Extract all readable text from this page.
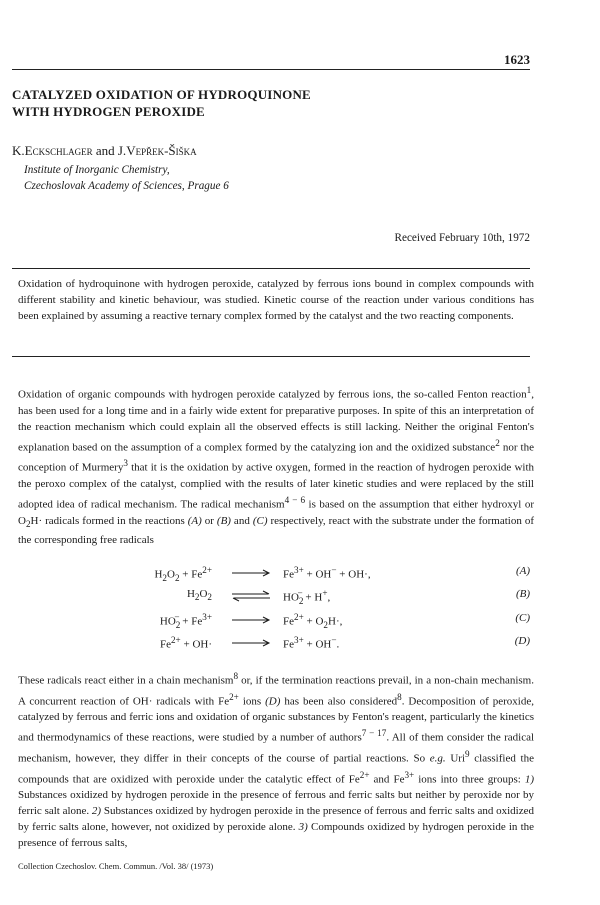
1623
CATALYZED OXIDATION OF HYDROQUINONE
WITH HYDROGEN PEROXIDE
K.Eckschlager and J.Vepřek-Šiška
Institute of Inorganic Chemistry,
Czechoslovak Academy of Sciences, Prague 6
Received February 10th, 1972
Oxidation of hydroquinone with hydrogen peroxide, catalyzed by ferrous ions bound in complex compounds with different stability and kinetic behaviour, was studied. Kinetic course of the reaction under various conditions has been explained by assuming a reactive ternary complex formed by the catalyst and the two reacting components.
Oxidation of organic compounds with hydrogen peroxide catalyzed by ferrous ions, the so-called Fenton reaction$^1$, has been used for a long time and in a fairly wide extent for preparative purposes. In spite of this an interpretation of the reaction mechanism which could explain all the observed effects is still lacking. Neither the original Fenton's explanation based on the assumption of a complex formed by the catalyzing ion and the oxidized substance$^2$ nor the conception of Murmery$^3$ that it is the oxidation by active oxygen, formed in the reaction of hydrogen peroxide with the peroxo complex of the catalyst, complied with the results of later kinetic studies and were replaced by the still adopted idea of radical mechanism. The radical mechanism$^{4 - 6}$ is based on the assumption that either hydroxyl or $O_2H\cdot$ radicals formed in the reactions (A) or (B) and (C) respectively, react with the substrate under the formation of the corresponding free radicals
$H_2O_2 + Fe^{2+}$	$Fe^{3+} + OH^- + OH\cdot$,	(A)
$H_2O_2$ ⇌ $HO_2^- + H^+$,	(B)
$HO_2^- + Fe^{3+}$	$Fe^{2+} + O_2H\cdot$,	(C)
$Fe^{2+} + OH\cdot$	$Fe^{3+} + OH^-$.	(D)
These radicals react either in a chain mechanism$^8$ or, if the termination reactions prevail, in a non-chain mechanism. A concurrent reaction of OH· radicals with $Fe^{2+}$ ions (D) has been also considered$^8$. Decomposition of peroxide, catalyzed by ferrous and ferric ions and oxidation of organic substances by Fenton's reagent, particularly the kinetics and thermodynamics of these reactions, were studied by a number of authors$^{7 - 17}$. All of them consider the radical mechanism, however, they differ in their concepts of the course of partial reactions. So e.g. Uri$^9$ classified the compounds that are oxidized with peroxide under the catalytic effect of $Fe^{2+}$ and $Fe^{3+}$ ions into three groups: 1) Substances oxidized by hydrogen peroxide in the presence of ferrous and ferric salts but neither by peroxide nor by ferric salt alone. 2) Substances oxidized by hydrogen peroxide in the presence of ferrous and ferric salts and oxidized by ferric salts alone, however, not oxidized by peroxide alone. 3) Compounds oxidized by hydrogen peroxide in the presence of ferrous salts,
Collection Czechoslov. Chem. Commun. /Vol. 38/ (1973)
